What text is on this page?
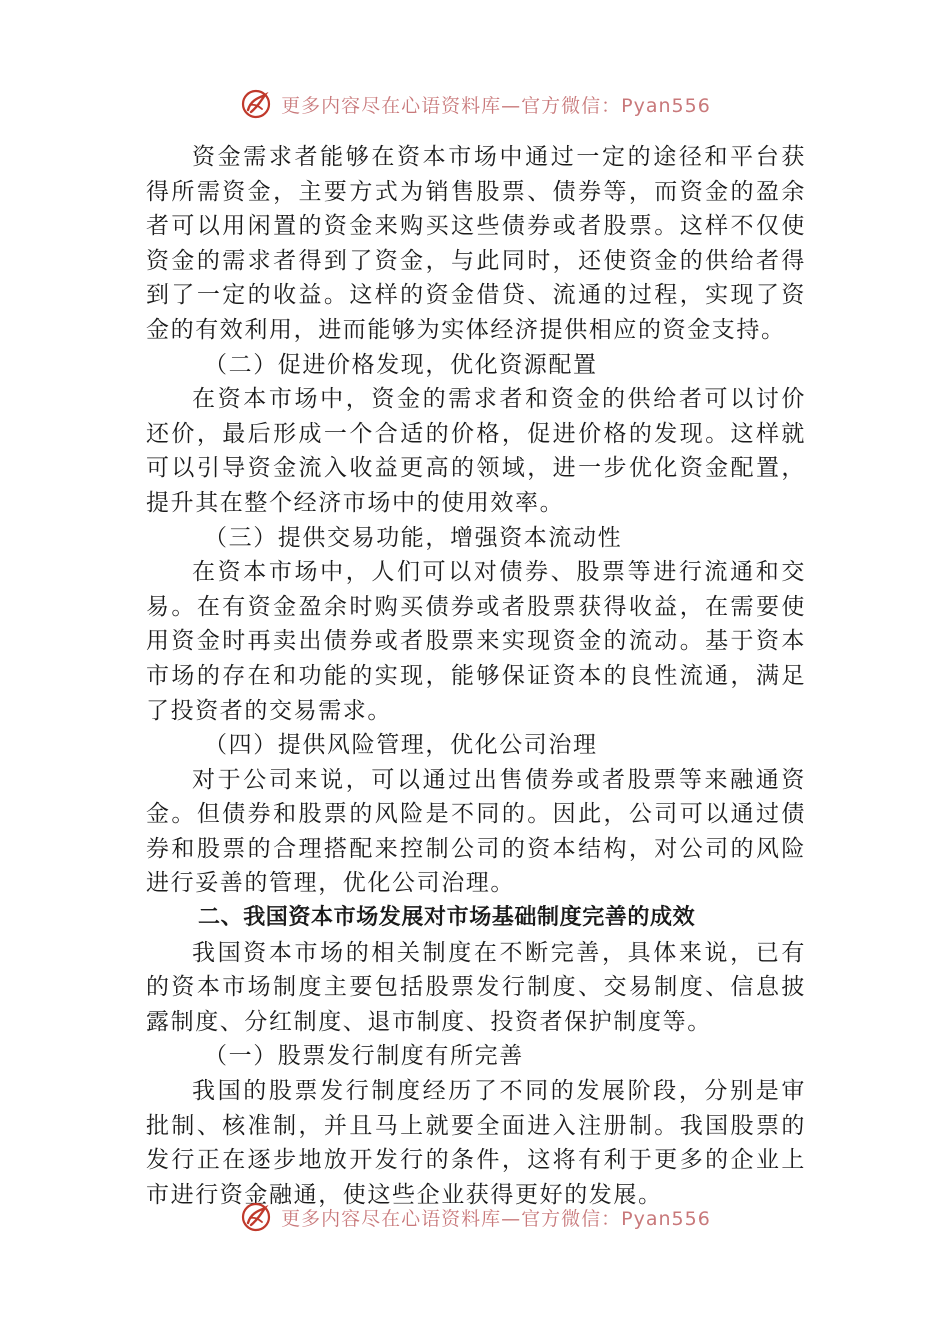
更多内容尽在心语资料库—官方微信：Pyan556

资金需求者能够在资本市场中通过一定的途径和平台获得所需资金，主要方式为销售股票、债券等，而资金的盈余者可以用闲置的资金来购买这些债券或者股票。这样不仅使资金的需求者得到了资金，与此同时，还使资金的供给者得到了一定的收益。这样的资金借贷、流通的过程，实现了资金的有效利用，进而能够为实体经济提供相应的资金支持。

（二）促进价格发现，优化资源配置

在资本市场中，资金的需求者和资金的供给者可以讨价还价，最后形成一个合适的价格，促进价格的发现。这样就可以引导资金流入收益更高的领域，进一步优化资金配置，提升其在整个经济市场中的使用效率。

（三）提供交易功能，增强资本流动性

在资本市场中，人们可以对债券、股票等进行流通和交易。在有资金盈余时购买债券或者股票获得收益，在需要使用资金时再卖出债券或者股票来实现资金的流动。基于资本市场的存在和功能的实现，能够保证资本的良性流通，满足了投资者的交易需求。

（四）提供风险管理，优化公司治理

对于公司来说，可以通过出售债券或者股票等来融通资金。但债券和股票的风险是不同的。因此，公司可以通过债券和股票的合理搭配来控制公司的资本结构，对公司的风险进行妥善的管理，优化公司治理。

二、我国资本市场发展对市场基础制度完善的成效

我国资本市场的相关制度在不断完善，具体来说，已有的资本市场制度主要包括股票发行制度、交易制度、信息披露制度、分红制度、退市制度、投资者保护制度等。

（一）股票发行制度有所完善

我国的股票发行制度经历了不同的发展阶段，分别是审批制、核准制，并且马上就要全面进入注册制。我国股票的发行正在逐步地放开发行的条件，这将有利于更多的企业上市进行资金融通，使这些企业获得更好的发展。

更多内容尽在心语资料库—官方微信：Pyan556
